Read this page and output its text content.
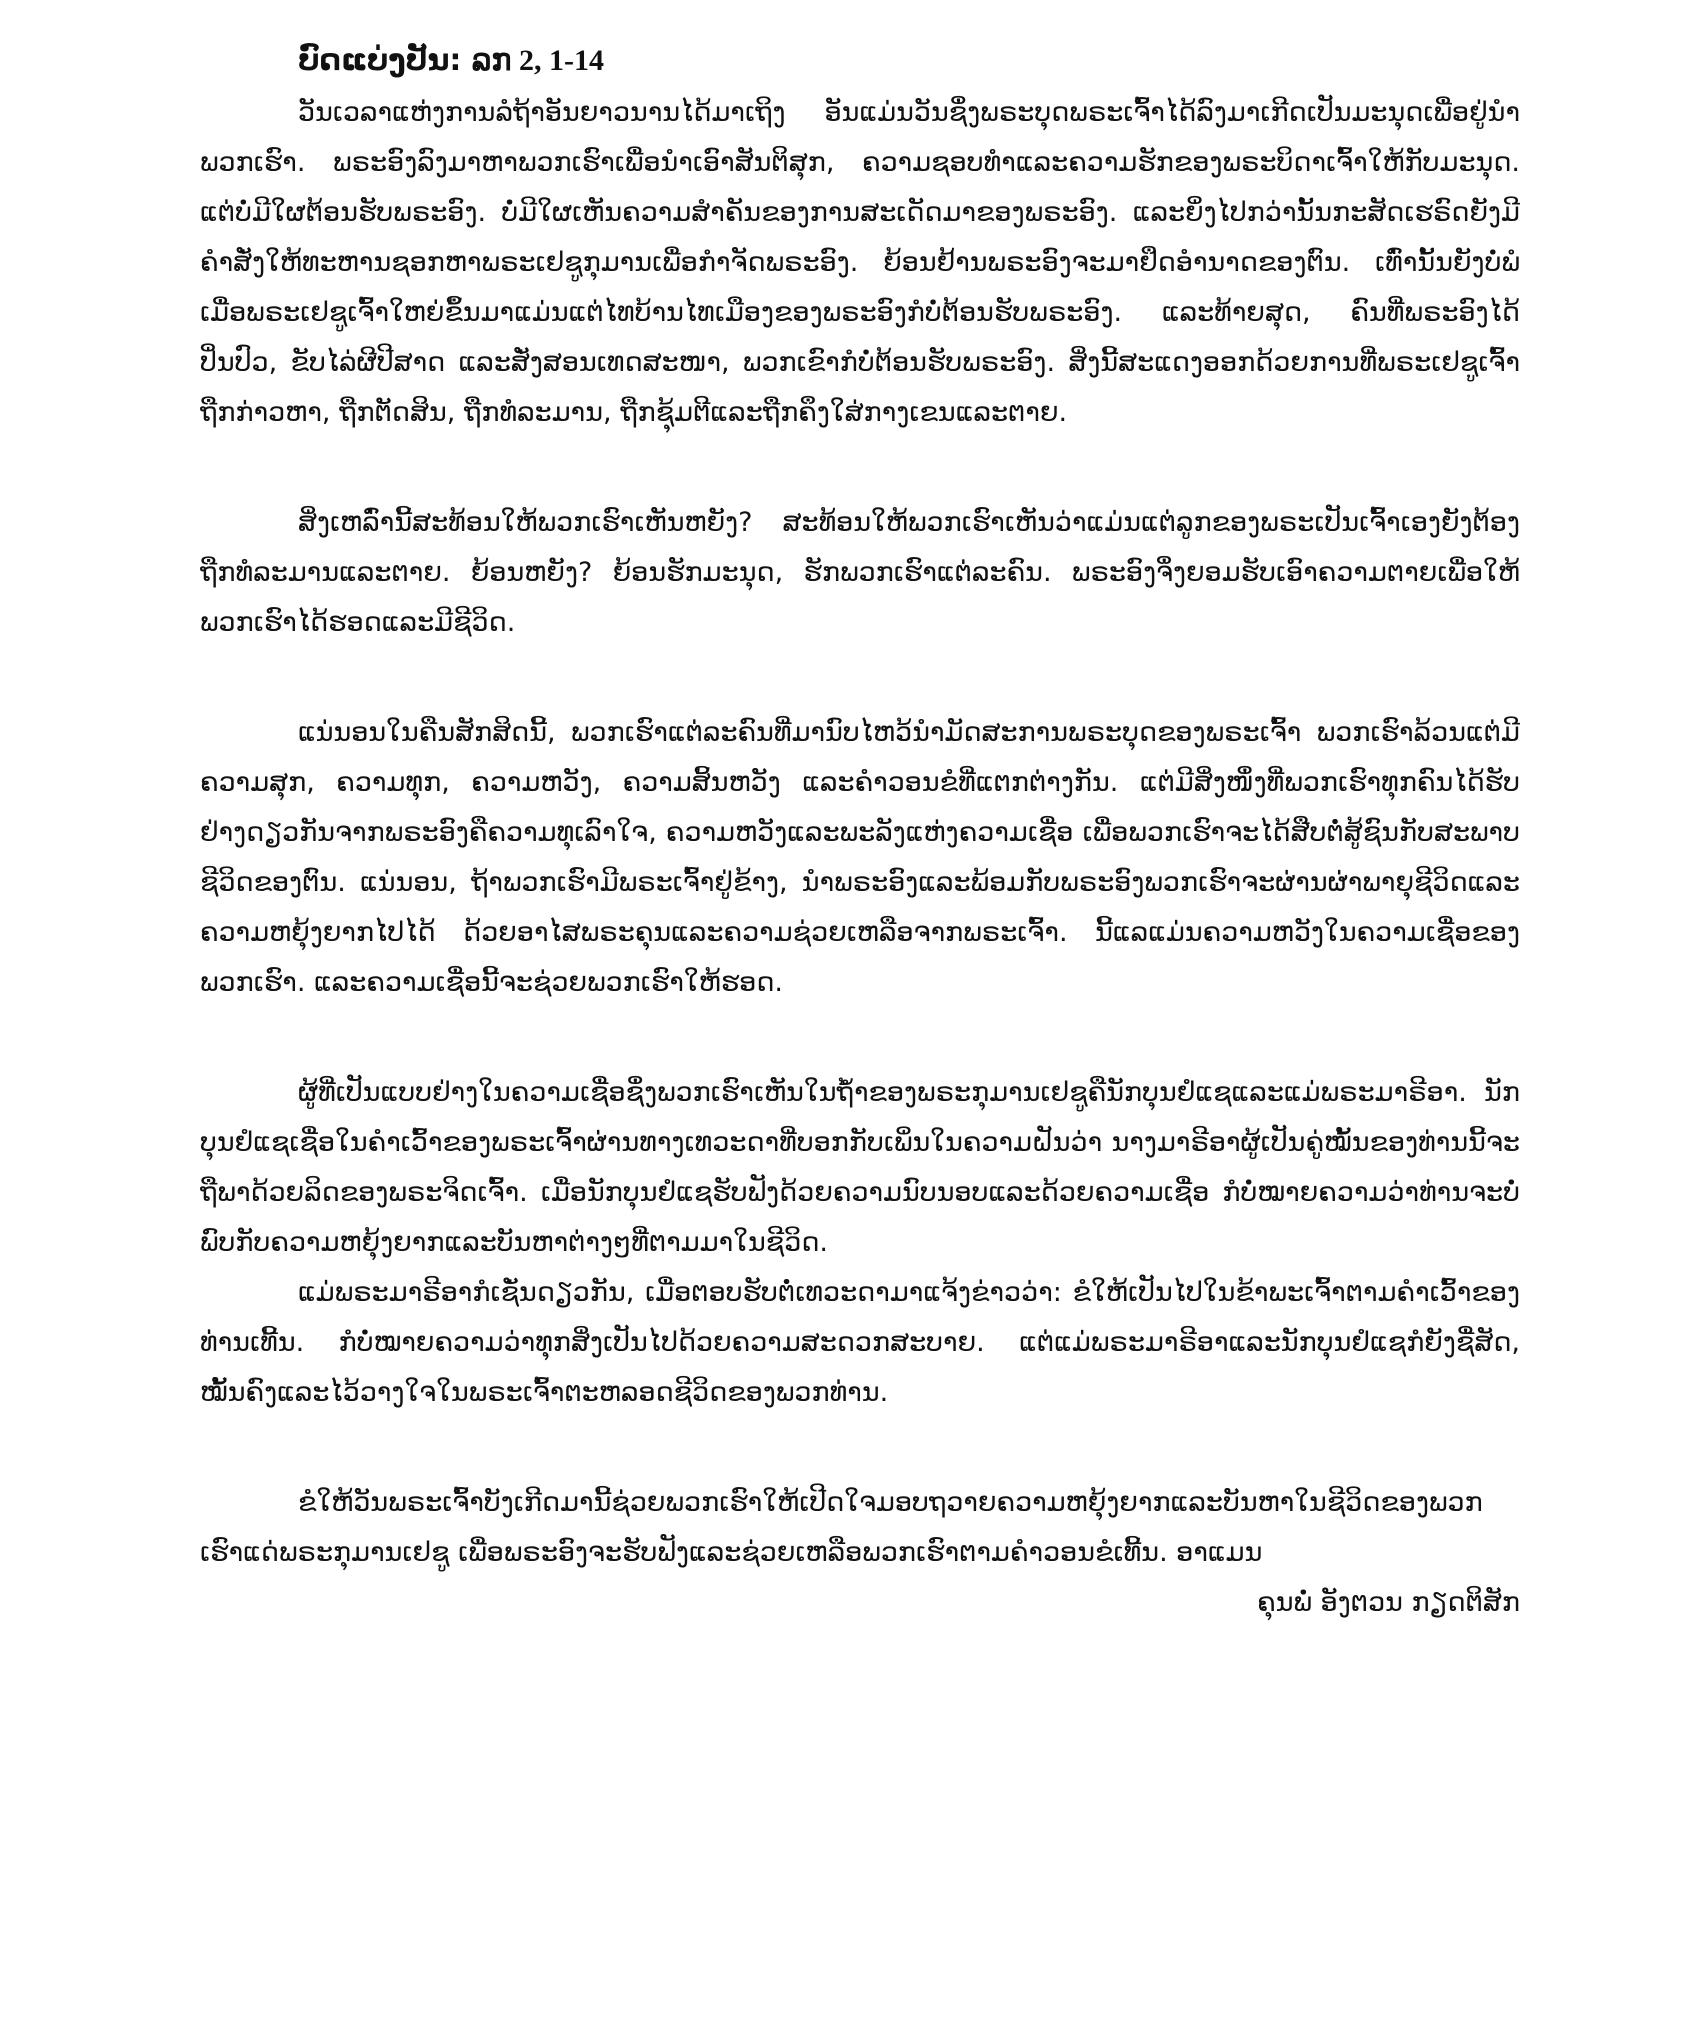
ບົດແບ່ງປັນ: ລກ 2, 1-14

ວັນເວລາແຫ່ງການລໍຖ້າອັນຍາວນານໄດ້ມາເຖິງ ອັນແມ່ນວັນຊຶ່ງພຣະບຸດພຣະເຈົ້າໄດ້ລົງມາເກີດເປັນມະນຸດເພື່ອຢູ່ນຳພວກເຮົາ. ພຣະອົງລົງມາຫາພວກເຮົາເພື່ອນຳເອົາສັນຕິສຸກ, ຄວາມຊອບທຳແລະຄວາມຮັກຂອງພຣະບິດາເຈົ້າໃຫ້ກັບມະນຸດ. ແຕ່ບໍ່ມີໃຜຕ້ອນຮັບພຣະອົງ. ບໍ່ມີໃຜເຫັນຄວາມສຳຄັນຂອງການສະເດັດມາຂອງພຣະອົງ. ແລະຍິ່ງໄປກວ່ານັ້ນກະສັດເຮຣົດຍັງມີຄຳສັ່ງໃຫ້ທະຫານຊອກຫາພຣະເຢຊູກຸມານເພື່ອກຳຈັດພຣະອົງ. ຍ້ອນຢ້ານພຣະອົງຈະມາຢຶດອຳນາດຂອງຕົນ. ເທົ່ານັ້ນຍັງບໍ່ພໍເມື່ອພຣະເຢຊູເຈົ້າໃຫຍ່ຂຶ້ນມາແມ່ນແຕ່ໄທບ້ານໄທເມືອງຂອງພຣະອົງກໍບໍ່ຕ້ອນຮັບພຣະອົງ. ແລະທ້າຍສຸດ, ຄົນທີ່ພຣະອົງໄດ້ປິ່ນປົວ, ຂັບໄລ່ຜີປີສາດ ແລະສັ່ງສອນເທດສະໜາ, ພວກເຂົາກໍບໍ່ຕ້ອນຮັບພຣະອົງ. ສິ່ງນີ້ສະແດງອອກດ້ວຍການທີ່ພຣະເຢຊູເຈົ້າຖືກກ່າວຫາ, ຖືກຕັດສິນ, ຖືກທໍລະມານ, ຖືກຊຸ້ມຕີແລະຖືກຄຶງໃສ່ກາງເຂນແລະຕາຍ.

ສິ່ງເຫລົ່ານີ້ສະທ້ອນໃຫ້ພວກເຮົາເຫັນຫຍັງ? ສະທ້ອນໃຫ້ພວກເຮົາເຫັນວ່າແມ່ນແຕ່ລູກຂອງພຣະເປັນເຈົ້າເອງຍັງຕ້ອງຖືກທໍລະມານແລະຕາຍ. ຍ້ອນຫຍັງ? ຍ້ອນຮັກມະນຸດ, ຮັກພວກເຮົາແຕ່ລະຄົນ. ພຣະອົງຈຶ່ງຍອມຮັບເອົາຄວາມຕາຍເພື່ອໃຫ້ພວກເຮົາໄດ້ຮອດແລະມີຊີວິດ.

ແນ່ນອນໃນຄືນສັກສິດນີ້, ພວກເຮົາແຕ່ລະຄົນທີ່ມານົບໄຫວ້ນຳມັດສະການພຣະບຸດຂອງພຣະເຈົ້າ ພວກເຮົາລ້ວນແຕ່ມີຄວາມສຸກ, ຄວາມທຸກ, ຄວາມຫວັງ, ຄວາມສິ້ນຫວັງ ແລະຄຳວອນຂໍທີ່ແຕກຕ່າງກັນ. ແຕ່ມີສິ່ງໜຶ່ງທີ່ພວກເຮົາທຸກຄົນໄດ້ຮັບຢ່າງດຽວກັນຈາກພຣະອົງຄືຄວາມທຸເລົາໃຈ, ຄວາມຫວັງແລະພະລັງແຫ່ງຄວາມເຊື່ອ ເພື່ອພວກເຮົາຈະໄດ້ສືບຕໍ່ສູ້ຊົນກັບສະພາບຊີວິດຂອງຕົນ. ແນ່ນອນ, ຖ້າພວກເຮົາມີພຣະເຈົ້າຢູ່ຂ້າງ, ນຳພຣະອົງແລະພ້ອມກັບພຣະອົງພວກເຮົາຈະຜ່ານຜ່າພາຍຸຊີວິດແລະຄວາມຫຍຸ້ງຍາກໄປໄດ້ ດ້ວຍອາໄສພຣະຄຸນແລະຄວາມຊ່ວຍເຫລືອຈາກພຣະເຈົ້າ. ນີ້ແລແມ່ນຄວາມຫວັງໃນຄວາມເຊື່ອຂອງພວກເຮົາ. ແລະຄວາມເຊື່ອນີ້ຈະຊ່ວຍພວກເຮົາໃຫ້ຮອດ.

ຜູ້ທີ່ເປັນແບບຢ່າງໃນຄວາມເຊື່ອຊຶ່ງພວກເຮົາເຫັນໃນຖ້ຳຂອງພຣະກຸມານເຢຊູຄືນັກບຸນຢໍແຊແລະແມ່ພຣະມາຣີອາ. ນັກບຸນຢໍແຊເຊື່ອໃນຄຳເວົ້າຂອງພຣະເຈົ້າຜ່ານທາງເທວະດາທີ່ບອກກັບເພິ່ນໃນຄວາມຝັນວ່າ ນາງມາຣີອາຜູ້ເປັນຄູ່ໝັ້ນຂອງທ່ານນີ້ຈະຖືພາດ້ວຍລິດຂອງພຣະຈິດເຈົ້າ. ເມື່ອນັກບຸນຢໍແຊຮັບຟັງດ້ວຍຄວາມນົບນອບແລະດ້ວຍຄວາມເຊື່ອ ກໍບໍ່ໝາຍຄວາມວ່າທ່ານຈະບໍ່ພົບກັບຄວາມຫຍຸ້ງຍາກແລະບັນຫາຕ່າງໆທີ່ຕາມມາໃນຊີວິດ.

ແມ່ພຣະມາຣີອາກໍເຊັ່ນດຽວກັນ, ເມື່ອຕອບຮັບຕໍ່ເທວະດາມາແຈ້ງຂ່າວວ່າ: ຂໍໃຫ້ເປັນໄປໃນຂ້າພະເຈົ້າຕາມຄຳເວົ້າຂອງທ່ານເທີ້ນ. ກໍບໍ່ໝາຍຄວາມວ່າທຸກສິ່ງເປັນໄປດ້ວຍຄວາມສະດວກສະບາຍ. ແຕ່ແມ່ພຣະມາຣີອາແລະນັກບຸນຢໍແຊກໍຍັງຊື່ສັດ, ໝັ້ນຄົງແລະໄວ້ວາງໃຈໃນພຣະເຈົ້າຕະຫລອດຊີວິດຂອງພວກທ່ານ.

ຂໍໃຫ້ວັນພຣະເຈົ້າບັງເກີດມານີ້ຊ່ວຍພວກເຮົາໃຫ້ເປີດໃຈມອບຖວາຍຄວາມຫຍຸ້ງຍາກແລະບັນຫາໃນຊີວິດຂອງພວກເຮົາແດ່ພຣະກຸມານເຢຊູ ເພື່ອພຣະອົງຈະຮັບຟັງແລະຊ່ວຍເຫລືອພວກເຮົາຕາມຄຳວອນຂໍເທີ້ນ. ອາແມນ

ຄຸນພໍ່ ອັງຕວນ ກຽດຕິສັກ
